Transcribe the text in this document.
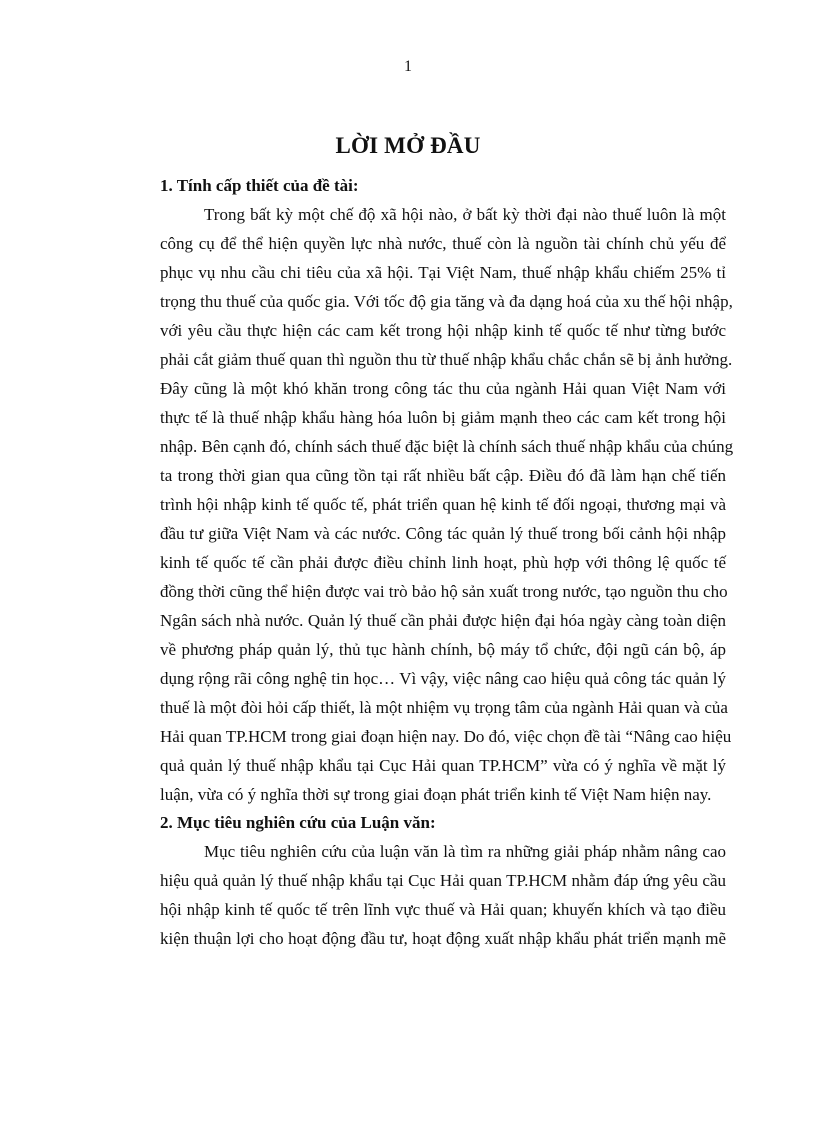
1
LỜI MỞ ĐẦU
1. Tính cấp thiết của đề tài:
Trong bất kỳ một chế độ xã hội nào, ở bất kỳ thời đại nào thuế luôn là một
công cụ để thể hiện quyền lực nhà nước, thuế còn là nguồn tài chính chủ yếu để
phục vụ nhu cầu chi tiêu của xã hội. Tại Việt Nam, thuế nhập khẩu chiếm 25% tỉ
trọng thu thuế của quốc gia. Với tốc độ gia tăng và đa dạng hoá của xu thế hội nhập,
với yêu cầu thực hiện các cam kết trong hội nhập kinh tế quốc tế như từng bước
phải cắt giảm thuế quan thì nguồn thu từ thuế nhập khẩu chắc chắn sẽ bị ảnh hưởng.
Đây cũng là một khó khăn trong công tác thu của ngành Hải quan Việt Nam với
thực tế là thuế nhập khẩu hàng hóa luôn bị giảm mạnh theo các cam kết trong hội
nhập. Bên cạnh đó, chính sách thuế đặc biệt là chính sách thuế nhập khẩu của chúng
ta trong thời gian qua cũng tồn tại rất nhiều bất cập. Điều đó đã làm hạn chế tiến
trình hội nhập kinh tế quốc tế, phát triển quan hệ kinh tế đối ngoại, thương mại và
đầu tư giữa Việt Nam và các nước. Công tác quản lý thuế trong bối cảnh hội nhập
kinh tế quốc tế cần phải được điều chỉnh linh hoạt, phù hợp với thông lệ quốc tế
đồng thời cũng thể hiện được vai trò bảo hộ sản xuất trong nước, tạo nguồn thu cho
Ngân sách nhà nước. Quản lý thuế cần phải được hiện đại hóa ngày càng toàn diện
về phương pháp quản lý, thủ tục hành chính, bộ máy tổ chức, đội ngũ cán bộ, áp
dụng rộng rãi công nghệ tin học… Vì vậy, việc nâng cao hiệu quả công tác quản lý
thuế là một đòi hỏi cấp thiết, là một nhiệm vụ trọng tâm của ngành Hải quan và của
Hải quan TP.HCM trong giai đoạn hiện nay. Do đó, việc chọn đề tài “Nâng cao hiệu
quả quản lý thuế nhập khẩu tại Cục Hải quan TP.HCM” vừa có ý nghĩa về mặt lý
luận, vừa có ý nghĩa thời sự trong giai đoạn phát triển kinh tế Việt Nam hiện nay.
2. Mục tiêu nghiên cứu của Luận văn:
Mục tiêu nghiên cứu của luận văn là tìm ra những giải pháp nhằm nâng cao
hiệu quả quản lý thuế nhập khẩu tại Cục Hải quan TP.HCM nhằm đáp ứng yêu cầu
hội nhập kinh tế quốc tế trên lĩnh vực thuế và Hải quan; khuyến khích và tạo điều
kiện thuận lợi cho hoạt động đầu tư, hoạt động xuất nhập khẩu phát triển mạnh mẽ
